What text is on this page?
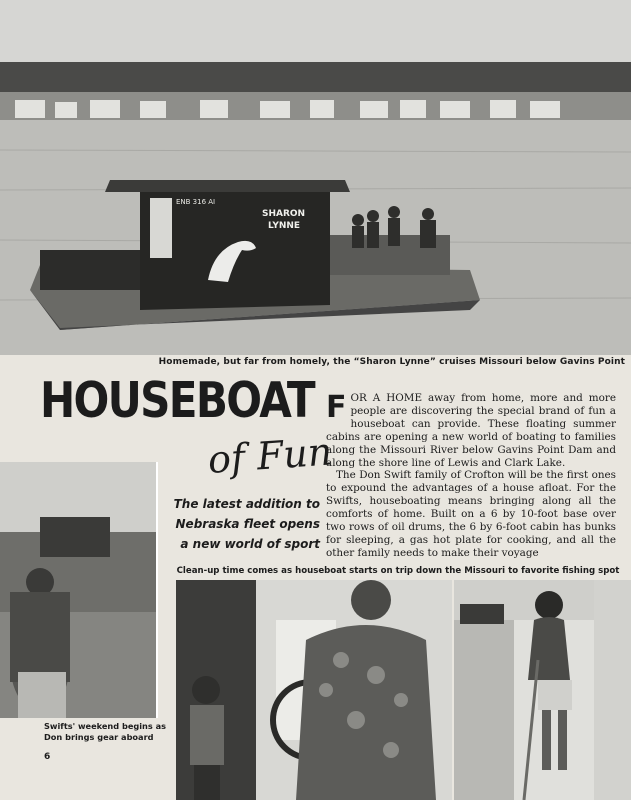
ENB 316 AI
SHARON
LYNNE
Homemade, but far from homely, the “Sharon Lynne” cruises Missouri below Gavins Point
HOUSEBOAT
of Fun
The latest addition to
Nebraska fleet opens
a new world of sport

FOR A HOME away from home, more and more people are discovering the special brand of fun a houseboat can provide. These floating summer cabins are opening a new world of boating to families along the Missouri River below Gavins Point Dam and along the shore line of Lewis and Clark Lake.

The Don Swift family of Crofton will be the first ones to expound the advantages of a house afloat. For the Swifts, houseboating means bringing along all the comforts of home. Built on a 6 by 10-foot base over two rows of oil drums, the 6 by 6-foot cabin has bunks for sleeping, a gas hot plate for cooking, and all the other family needs to make their voyage

Swifts' weekend begins as
Don brings gear aboard
6
Clean-up time comes as houseboat starts on trip down the Missouri to favorite fishing spot
